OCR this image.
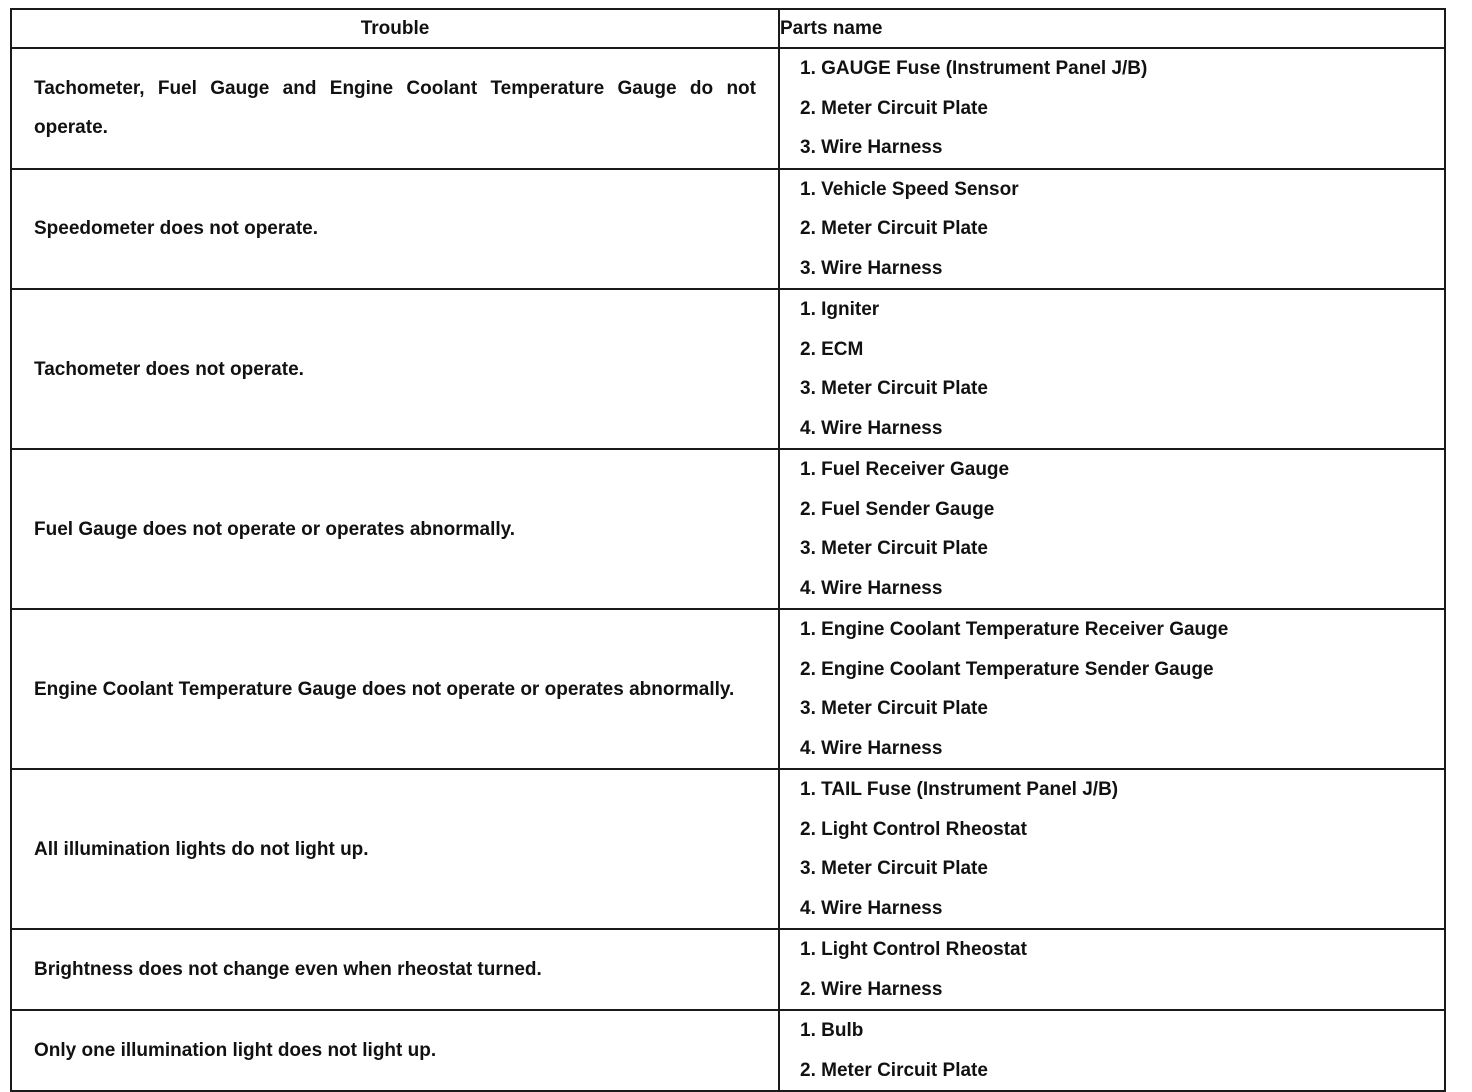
Trouble	Parts name
Tachometer, Fuel Gauge and Engine Coolant Temperature Gauge do not operate.	1. GAUGE Fuse (Instrument Panel J/B)
2. Meter Circuit Plate
3. Wire Harness

Speedometer does not operate.	1. Vehicle Speed Sensor
2. Meter Circuit Plate
3. Wire Harness

Tachometer does not operate.	1. Igniter
2. ECM
3. Meter Circuit Plate
4. Wire Harness

Fuel Gauge does not operate or operates abnormally.	1. Fuel Receiver Gauge
2. Fuel Sender Gauge
3. Meter Circuit Plate
4. Wire Harness

Engine Coolant Temperature Gauge does not operate or operates abnormally.	1. Engine Coolant Temperature Receiver Gauge
2. Engine Coolant Temperature Sender Gauge
3. Meter Circuit Plate
4. Wire Harness

All illumination lights do not light up.	1. TAIL Fuse (Instrument Panel J/B)
2. Light Control Rheostat
3. Meter Circuit Plate
4. Wire Harness

Brightness does not change even when rheostat turned.	1. Light Control Rheostat
2. Wire Harness

Only one illumination light does not light up.	1. Bulb
2. Meter Circuit Plate
